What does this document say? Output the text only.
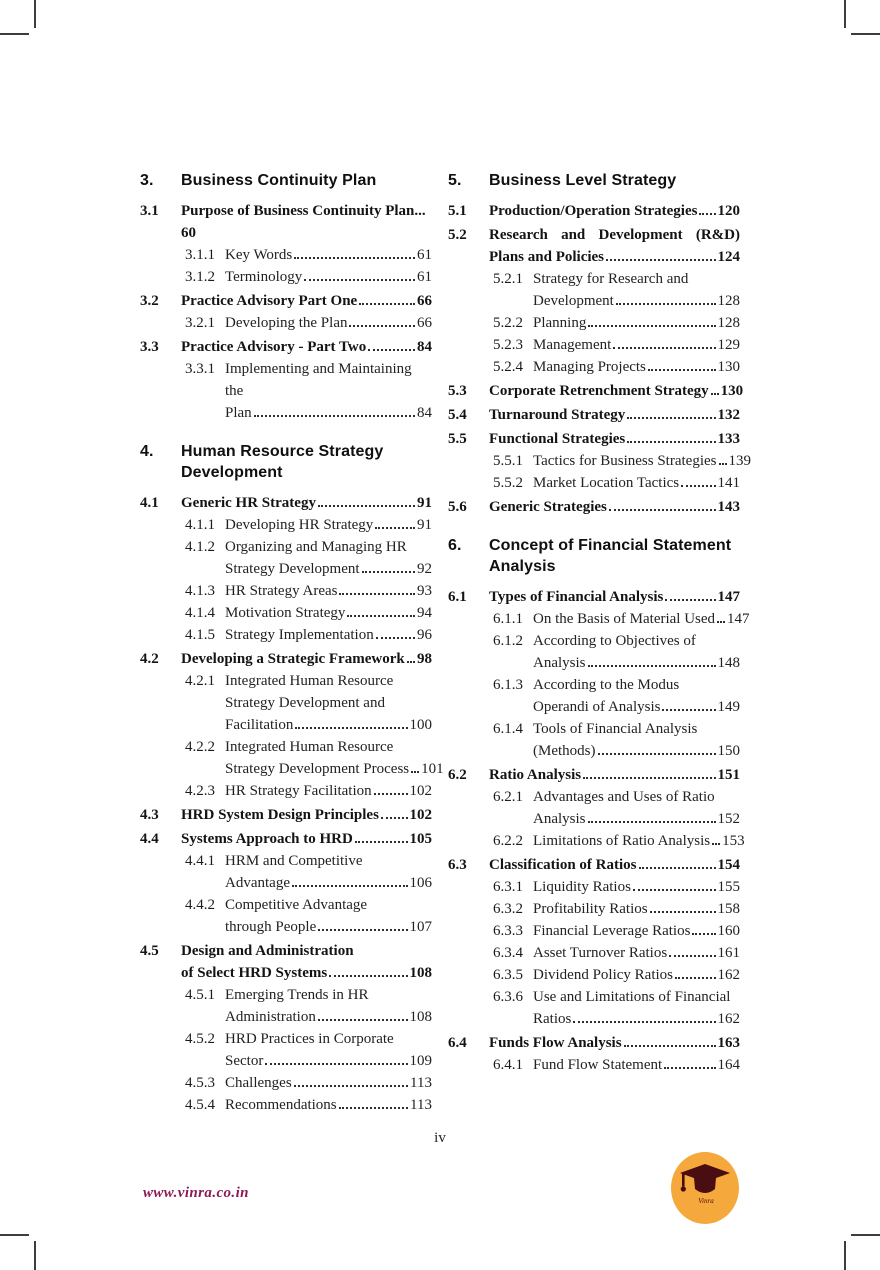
3.	Business Continuity Plan
3.1	Purpose of Business Continuity Plan...
60
3.1.1 Key Words	61
3.1.2 Terminology	61
3.2	Practice Advisory Part One	66
3.2.1 Developing the Plan	66
3.3	Practice Advisory - Part Two	84
3.3.1 Implementing and Maintaining the
Plan	84
4.	Human Resource Strategy
Development
4.1	Generic HR Strategy	91
4.1.1 Developing HR Strategy	91
4.1.2 Organizing and Managing HR
Strategy Development	92
4.1.3 HR Strategy Areas	93
4.1.4 Motivation Strategy	94
4.1.5 Strategy Implementation	96
4.2	Developing a Strategic Framework 98
4.2.1 Integrated Human Resource
Strategy Development and
Facilitation	100
4.2.2 Integrated Human Resource
Strategy Development Process 101
4.2.3 HR Strategy Facilitation	102
4.3	HRD System Design Principles 102
4.4	Systems Approach to HRD	105
4.4.1 HRM and Competitive
Advantage	106
4.4.2 Competitive Advantage
through People	107
4.5	Design and Administration
of Select HRD Systems	108
4.5.1 Emerging Trends in HR
Administration	108
4.5.2 HRD Practices in Corporate
Sector	109
4.5.3 Challenges	113
4.5.4 Recommendations	113
5.	Business Level Strategy
5.1	Production/Operation Strategies 120
5.2	Research and Development (R&D)
Plans and Policies	124
5.2.1 Strategy for Research and
Development	128
5.2.2 Planning	128
5.2.3 Management	129
5.2.4 Managing Projects	130
5.3	Corporate Retrenchment Strategy 130
5.4	Turnaround Strategy	132
5.5	Functional Strategies	133
5.5.1 Tactics for Business Strategies 139
5.5.2 Market Location Tactics	141
5.6	Generic Strategies	143
6.	Concept of Financial Statement
Analysis
6.1	Types of Financial Analysis	147
6.1.1 On the Basis of Material Used 147
6.1.2 According to Objectives of
Analysis	148
6.1.3 According to the Modus
Operandi of Analysis	149
6.1.4 Tools of Financial Analysis
(Methods)	150
6.2	Ratio Analysis	151
6.2.1 Advantages and Uses of Ratio
Analysis	152
6.2.2 Limitations of Ratio Analysis 153
6.3	Classification of Ratios	154
6.3.1 Liquidity Ratios	155
6.3.2 Profitability Ratios	158
6.3.3 Financial Leverage Ratios 160
6.3.4 Asset Turnover Ratios	161
6.3.5 Dividend Policy Ratios	162
6.3.6 Use and Limitations of Financial
Ratios	162
6.4	Funds Flow Analysis	163
6.4.1 Fund Flow Statement	164
iv
www.vinra.co.in	Vinra
